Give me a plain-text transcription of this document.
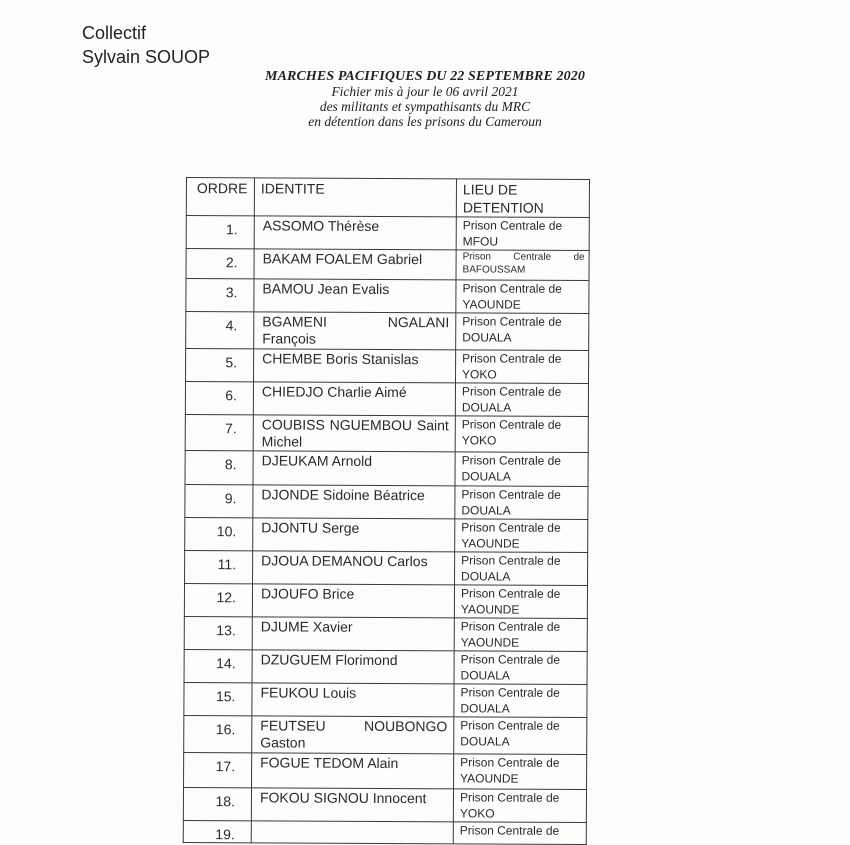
Collectif
Sylvain SOUOP
MARCHES PACIFIQUES DU 22 SEPTEMBRE 2020
Fichier mis à jour le 06 avril 2021
des militants et sympathisants du MRC
en détention dans les prisons du Cameroun
ORDRE	IDENTITE	LIEU DE DETENTION
1.	ASSOMO Thérèse	Prison Centrale de
MFOU

2.	BAKAM FOALEM Gabriel	Prison Centrale de
BAFOUSSAM

3.	BAMOU Jean Evalis	Prison Centrale de
YAOUNDE

4.	BGAMENI NGALANI François	Prison Centrale de
DOUALA

5.	CHEMBE Boris Stanislas	Prison Centrale de
YOKO

6.	CHIEDJO Charlie Aimé	Prison Centrale de
DOUALA

7.	COUBISS NGUEMBOU Saint Michel	Prison Centrale de
YOKO

8.	DJEUKAM Arnold	Prison Centrale de
DOUALA

9.	DJONDE Sidoine Béatrice	Prison Centrale de
DOUALA

10.	DJONTU Serge	Prison Centrale de
YAOUNDE

11.	DJOUA DEMANOU Carlos	Prison Centrale de
DOUALA

12.	DJOUFO Brice	Prison Centrale de
YAOUNDE

13.	DJUME Xavier	Prison Centrale de
YAOUNDE

14.	DZUGUEM Florimond	Prison Centrale de
DOUALA

15.	FEUKOU Louis	Prison Centrale de
DOUALA

16.	FEUTSEU NOUBONGO Gaston	Prison Centrale de
DOUALA

17.	FOGUE TEDOM Alain	Prison Centrale de
YAOUNDE

18.	FOKOU SIGNOU Innocent	Prison Centrale de
YOKO

19.		Prison Centrale de
